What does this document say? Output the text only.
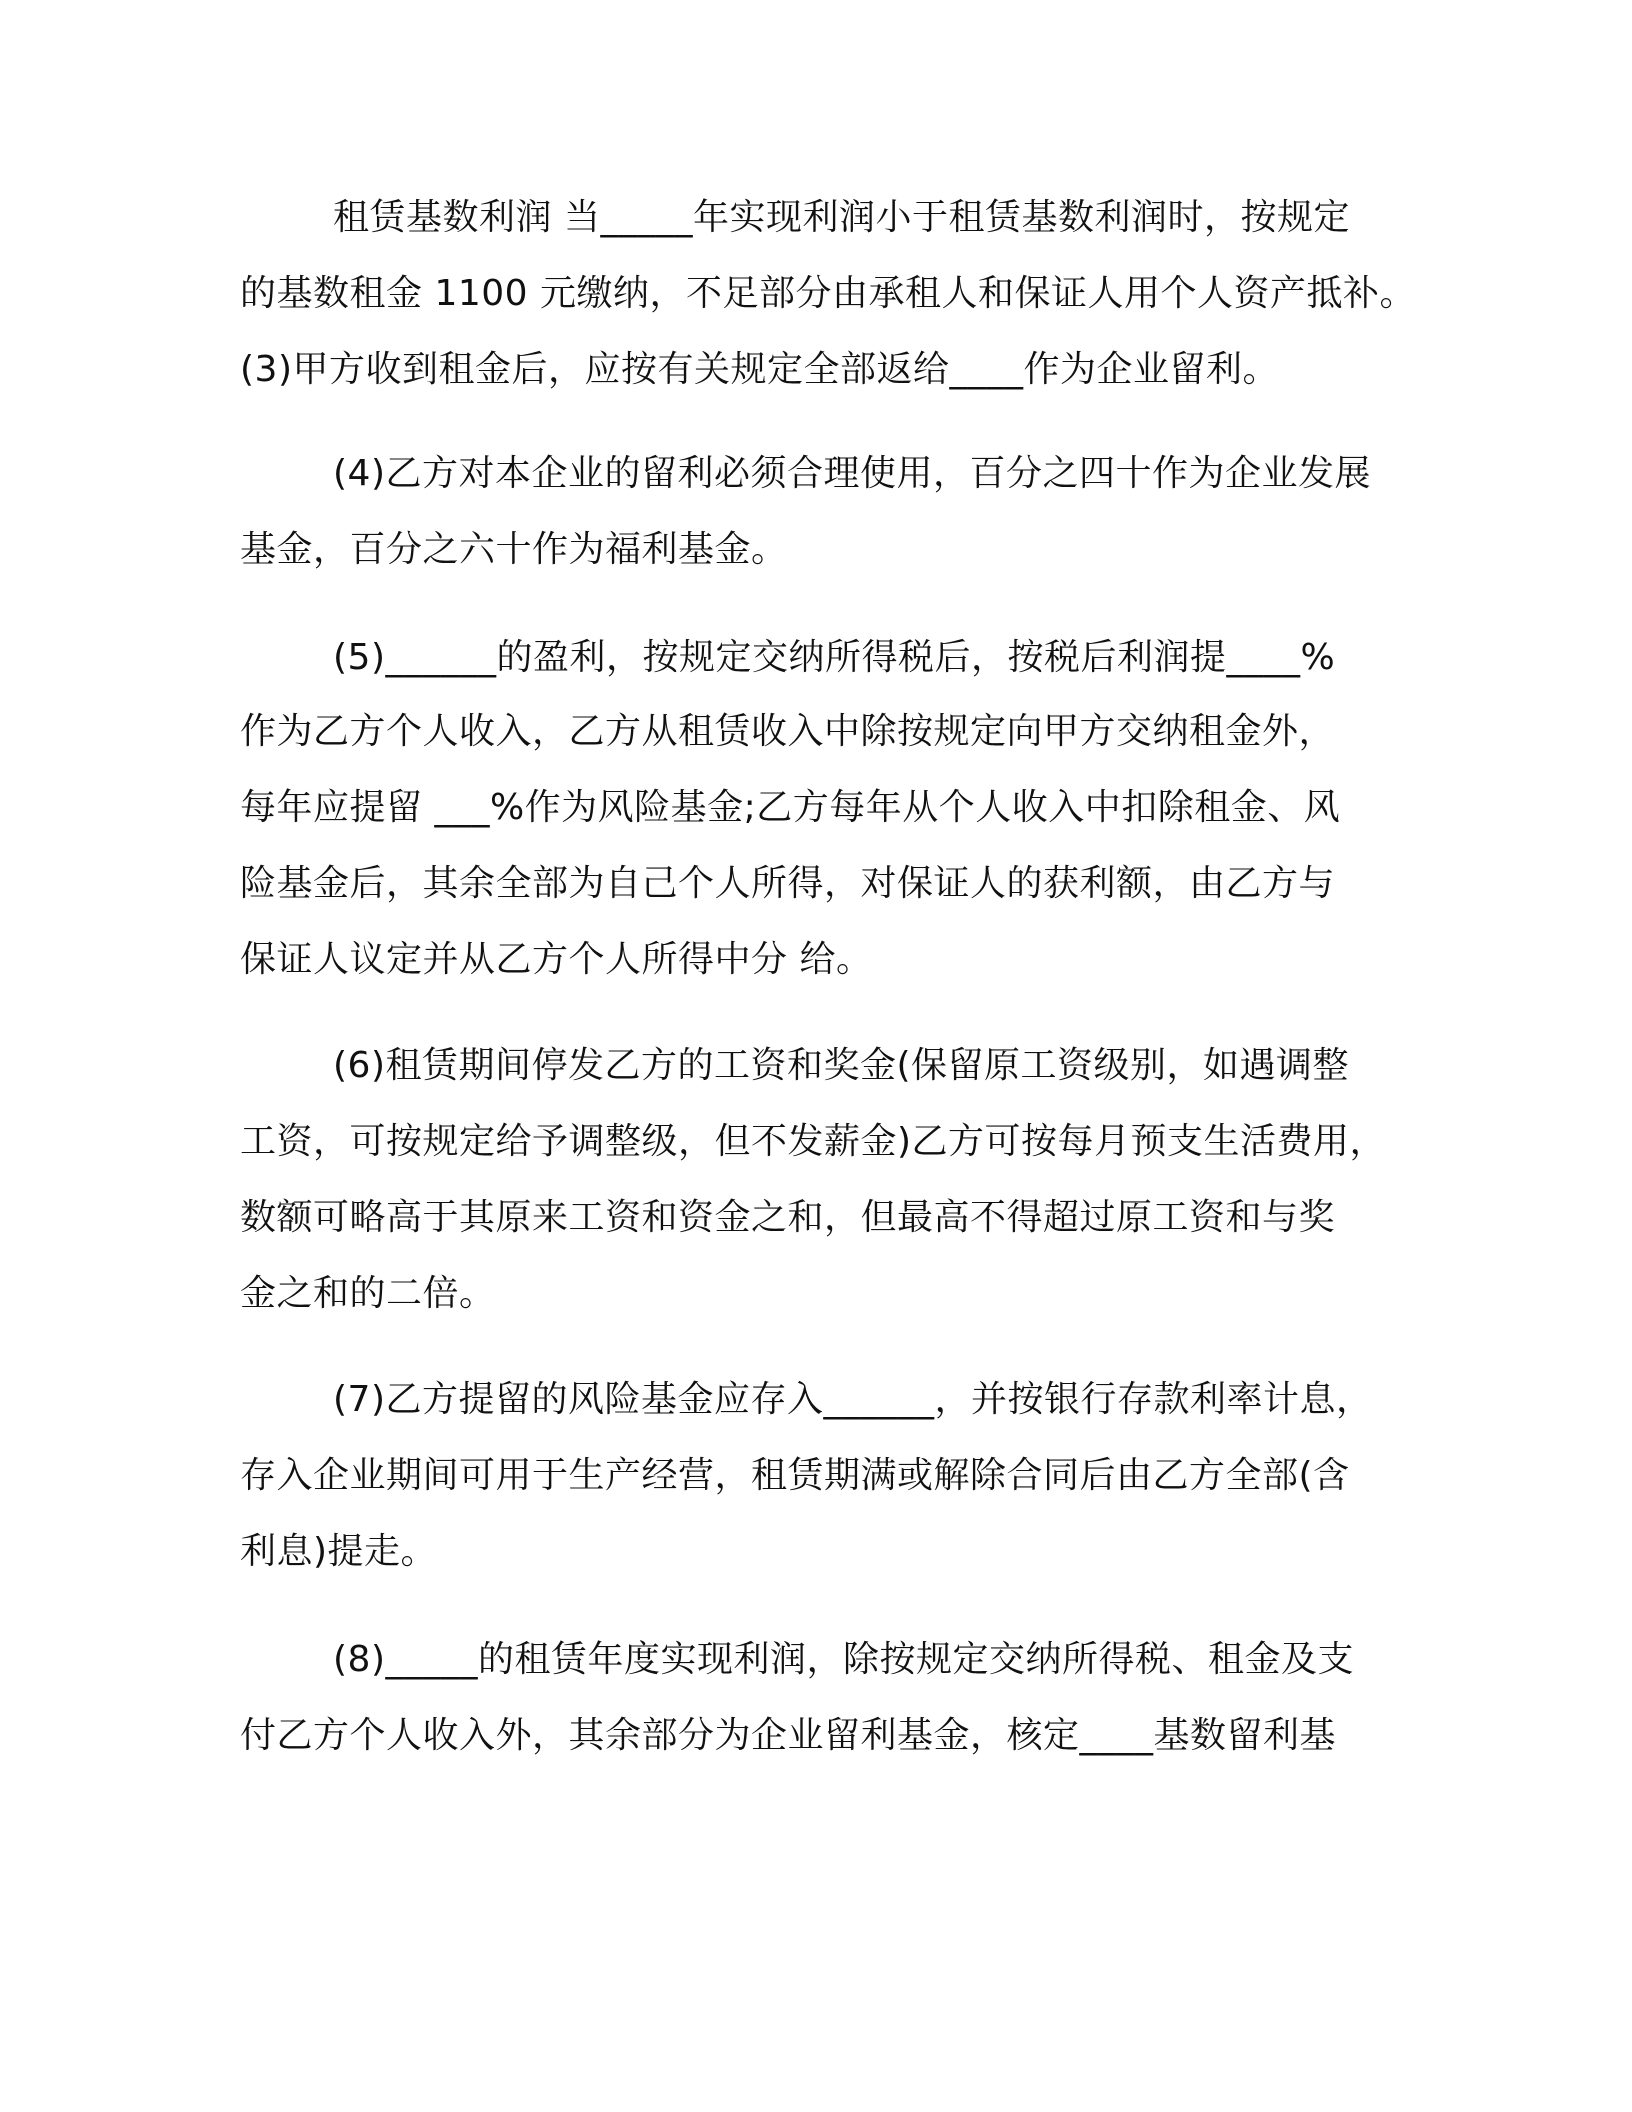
租赁基数利润 当_____年实现利润小于租赁基数利润时，按规定
的基数租金 1100 元缴纳，不足部分由承租人和保证人用个人资产抵补。
(3)甲方收到租金后，应按有关规定全部返给____作为企业留利。
(4)乙方对本企业的留利必须合理使用，百分之四十作为企业发展
基金，百分之六十作为福利基金。
(5)______的盈利，按规定交纳所得税后，按税后利润提____%
作为乙方个人收入，乙方从租赁收入中除按规定向甲方交纳租金外，
每年应提留 ___%作为风险基金;乙方每年从个人收入中扣除租金、风
险基金后，其余全部为自己个人所得，对保证人的获利额，由乙方与
保证人议定并从乙方个人所得中分 给。
(6)租赁期间停发乙方的工资和奖金(保留原工资级别，如遇调整
工资，可按规定给予调整级，但不发薪金)乙方可按每月预支生活费用，
数额可略高于其原来工资和资金之和，但最高不得超过原工资和与奖
金之和的二倍。
(7)乙方提留的风险基金应存入______，并按银行存款利率计息，
存入企业期间可用于生产经营，租赁期满或解除合同后由乙方全部(含
利息)提走。
(8)_____的租赁年度实现利润，除按规定交纳所得税、租金及支
付乙方个人收入外，其余部分为企业留利基金，核定____基数留利基
